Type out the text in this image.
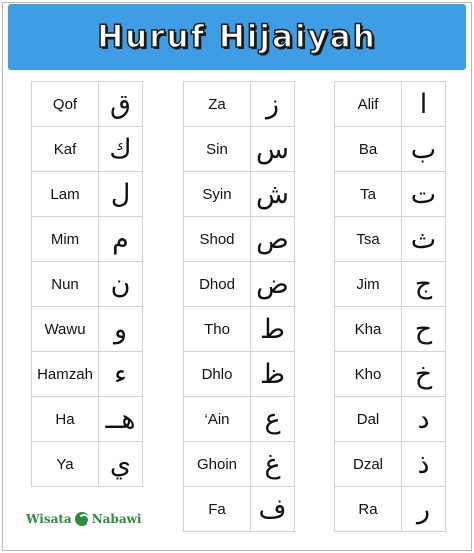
Huruf Hijaiyah
Qof	ق
Kaf	ك
Lam	ل
Mim	م
Nun	ن
Wawu	و
Hamzah	ء
Ha	هــ
Ya	ي
Za	ز
Sin	س
Syin	ش
Shod	ص
Dhod	ض
Tho	ط
Dhlo	ظ
‘Ain	ع
Ghoin	غ
Fa	ف
Alif	ا
Ba	ب
Ta	ت
Tsa	ث
Jim	ج
Kha	ح
Kho	خ
Dal	د
Dzal	ذ
Ra	ر
Wisata Nabawi
